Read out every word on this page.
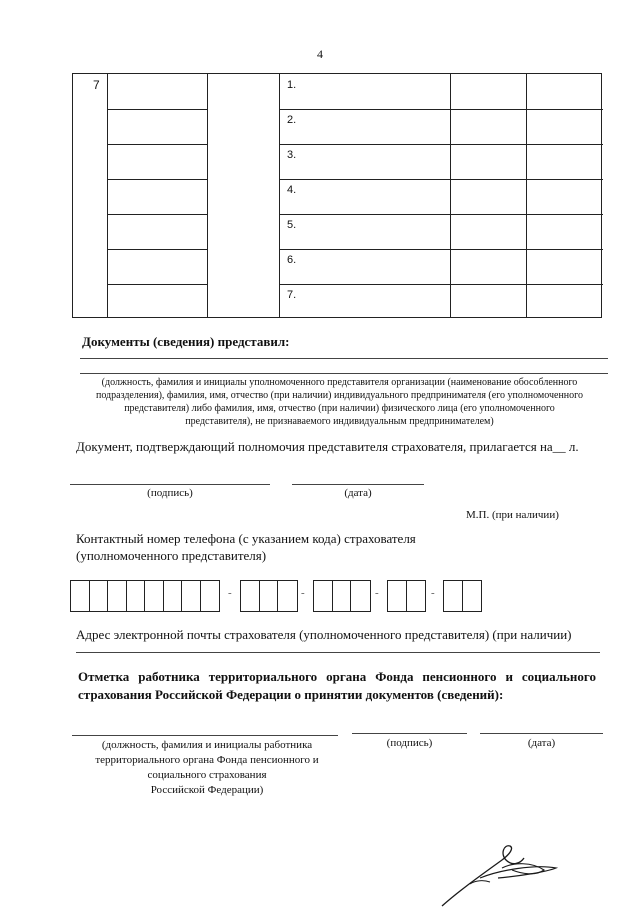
4
7	1.
2.
3.
4.
5.
6.
7.
Документы (сведения) представил:
(должность, фамилия и инициалы уполномоченного представителя организации (наименование обособленного
подразделения), фамилия, имя, отчество (при наличии) индивидуального предпринимателя (его уполномоченного
представителя) либо фамилия, имя, отчество (при наличии) физического лица (его уполномоченного
представителя), не признаваемого индивидуальным предпринимателем)
Документ, подтверждающий полномочия представителя страхователя, прилагается на__ л.
(подпись)	(дата)
М.П. (при наличии)
Контактный номер телефона (с указанием кода) страхователя
(уполномоченного представителя)
-	-	-	-
Адрес электронной почты страхователя (уполномоченного представителя) (при наличии)
Отметка работника территориального органа Фонда пенсионного и социального страхования Российской Федерации о принятии документов (сведений):
(должность, фамилия и инициалы работника
территориального органа Фонда пенсионного и
социального страхования
Российской Федерации)
(подпись)	(дата)
